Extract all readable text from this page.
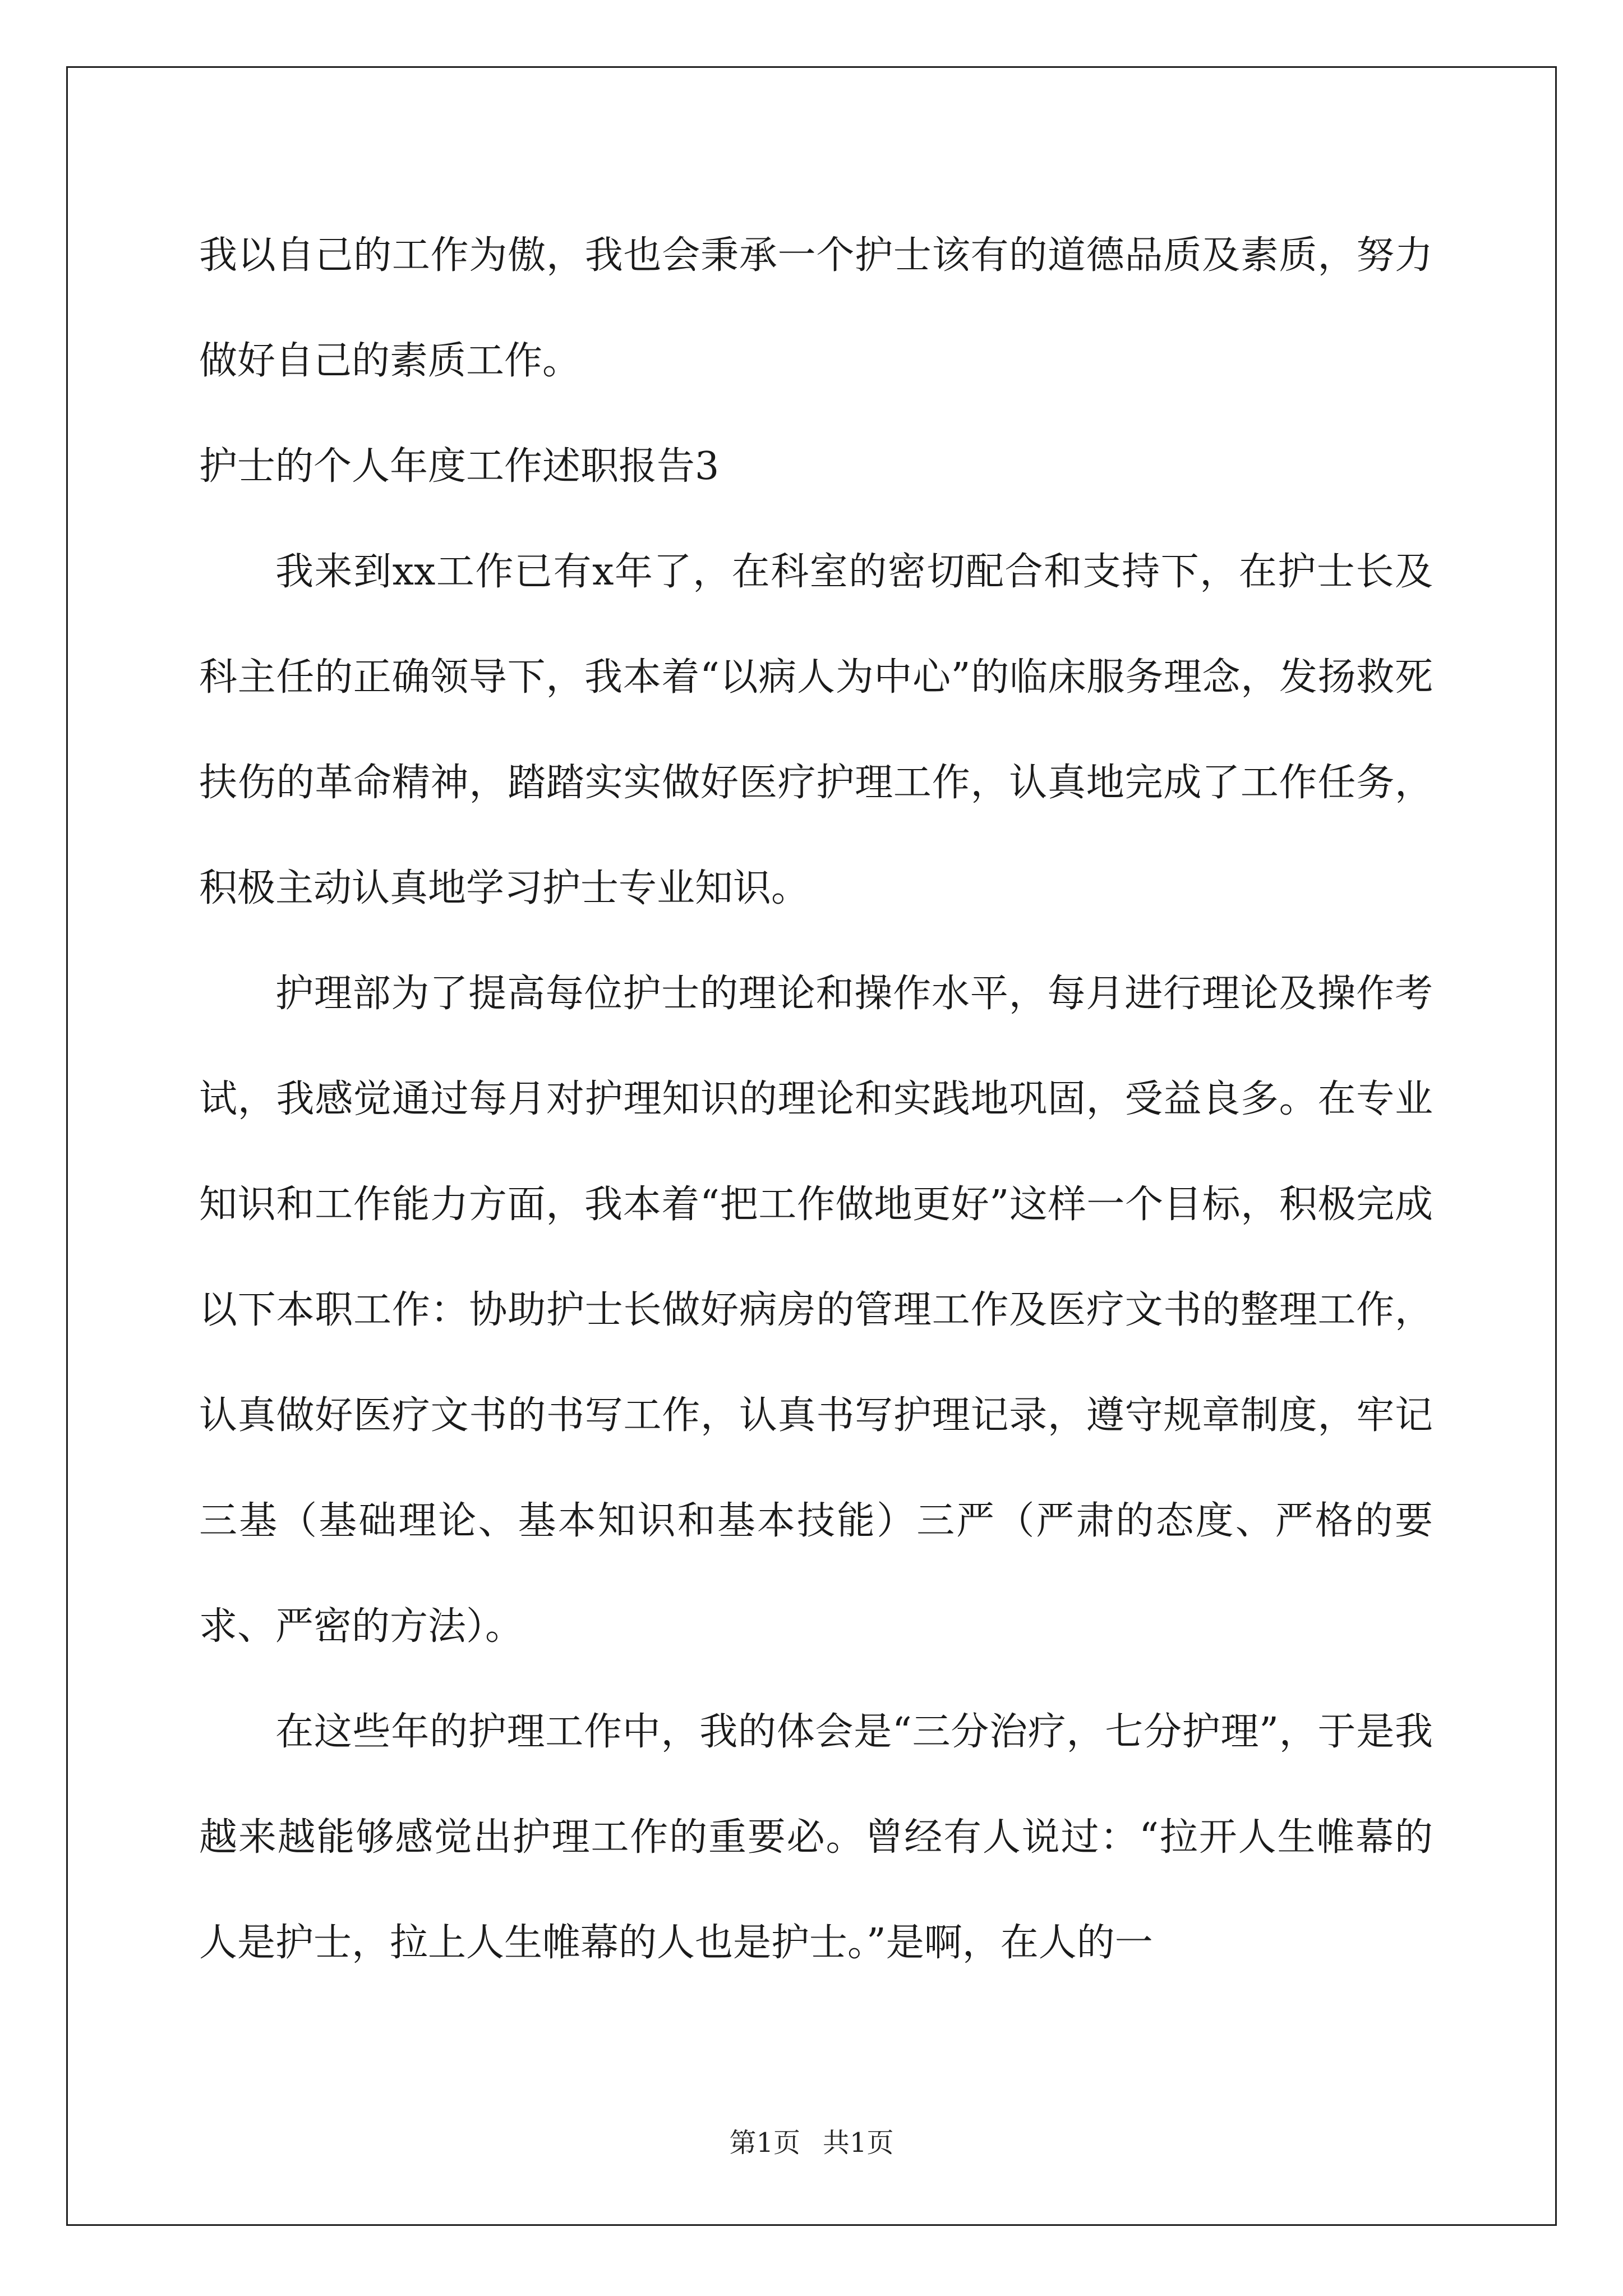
我以自己的工作为傲，我也会秉承一个护士该有的道德品质及素质，努力做好自己的素质工作。

护士的个人年度工作述职报告3

我来到xx工作已有x年了，在科室的密切配合和支持下，在护士长及科主任的正确领导下，我本着“以病人为中心”的临床服务理念，发扬救死扶伤的革命精神，踏踏实实做好医疗护理工作，认真地完成了工作任务，积极主动认真地学习护士专业知识。

护理部为了提高每位护士的理论和操作水平，每月进行理论及操作考试，我感觉通过每月对护理知识的理论和实践地巩固，受益良多。在专业知识和工作能力方面，我本着“把工作做地更好”这样一个目标，积极完成以下本职工作：协助护士长做好病房的管理工作及医疗文书的整理工作，认真做好医疗文书的书写工作，认真书写护理记录，遵守规章制度，牢记三基（基础理论、基本知识和基本技能）三严（严肃的态度、严格的要求、严密的方法）。

在这些年的护理工作中，我的体会是“三分治疗，七分护理”，于是我越来越能够感觉出护理工作的重要必。曾经有人说过：“拉开人生帷幕的人是护士，拉上人生帷幕的人也是护士。”是啊，在人的一

第1页 共1页
